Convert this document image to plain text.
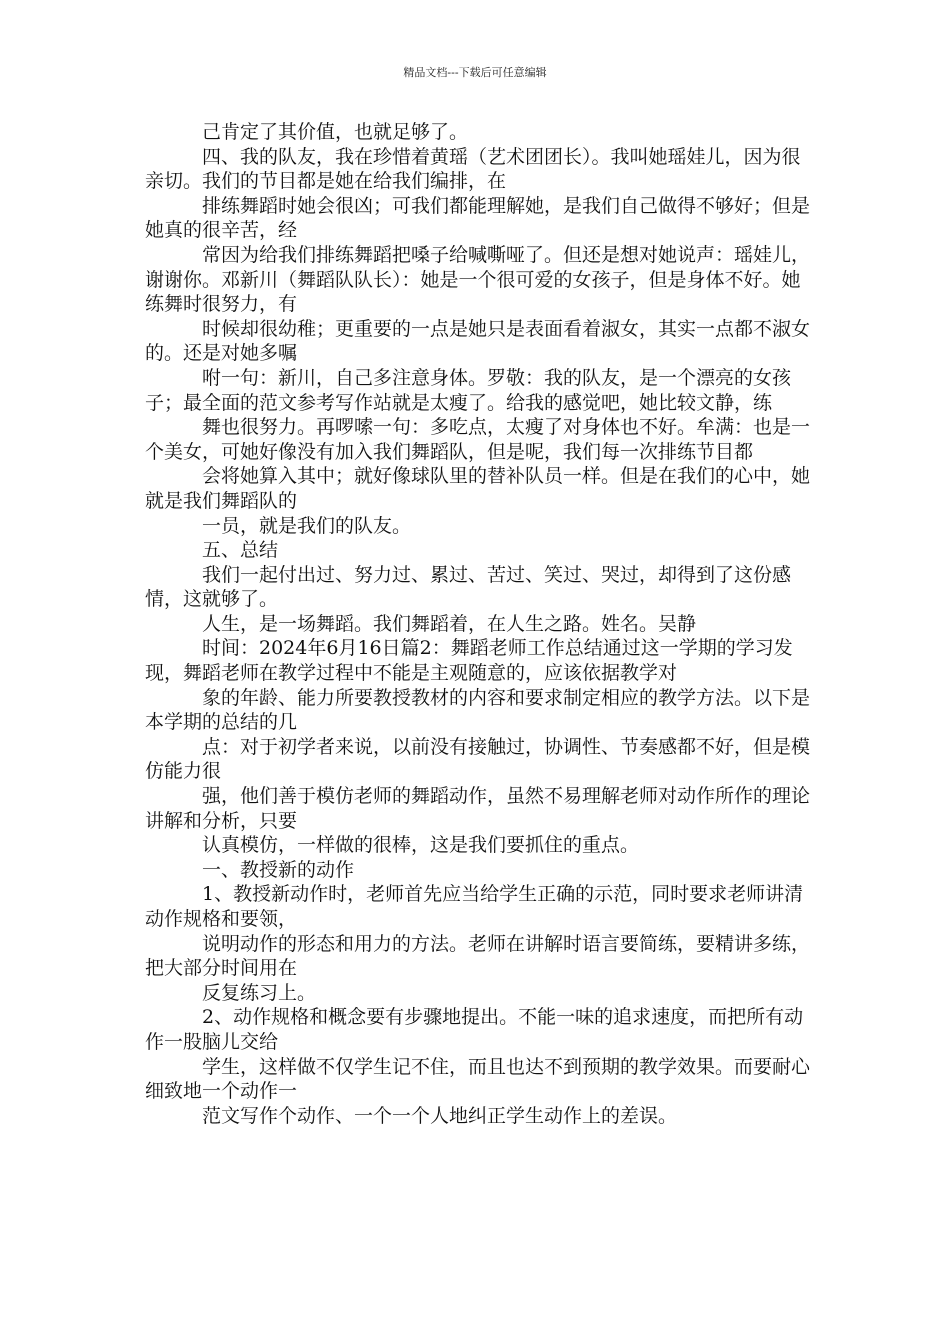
精品文档---下载后可任意编辑

己肯定了其价值，也就足够了。

四、我的队友，我在珍惜着黄瑶（艺术团团长）。我叫她瑶娃儿，因为很亲切。我们的节目都是她在给我们编排，在

排练舞蹈时她会很凶；可我们都能理解她，是我们自己做得不够好；但是她真的很辛苦，经

常因为给我们排练舞蹈把嗓子给喊嘶哑了。但还是想对她说声：瑶娃儿，谢谢你。邓新川（舞蹈队队长）：她是一个很可爱的女孩子，但是身体不好。她练舞时很努力，有

时候却很幼稚；更重要的一点是她只是表面看着淑女，其实一点都不淑女的。还是对她多嘱

咐一句：新川，自己多注意身体。罗敬：我的队友，是一个漂亮的女孩子；最全面的范文参考写作站就是太瘦了。给我的感觉吧，她比较文静，练

舞也很努力。再啰嗦一句：多吃点，太瘦了对身体也不好。牟满：也是一个美女，可她好像没有加入我们舞蹈队，但是呢，我们每一次排练节目都

会将她算入其中；就好像球队里的替补队员一样。但是在我们的心中，她就是我们舞蹈队的

一员，就是我们的队友。

五、总结

我们一起付出过、努力过、累过、苦过、笑过、哭过，却得到了这份感情，这就够了。

人生，是一场舞蹈。我们舞蹈着，在人生之路。姓名。吴静

时间：2024年6月16日篇2：舞蹈老师工作总结通过这一学期的学习发现，舞蹈老师在教学过程中不能是主观随意的，应该依据教学对

象的年龄、能力所要教授教材的内容和要求制定相应的教学方法。以下是本学期的总结的几

点：对于初学者来说，以前没有接触过，协调性、节奏感都不好，但是模仿能力很

强，他们善于模仿老师的舞蹈动作，虽然不易理解老师对动作所作的理论讲解和分析，只要

认真模仿，一样做的很棒，这是我们要抓住的重点。

一、教授新的动作

1、教授新动作时，老师首先应当给学生正确的示范，同时要求老师讲清动作规格和要领，

说明动作的形态和用力的方法。老师在讲解时语言要简练，要精讲多练，把大部分时间用在

反复练习上。

2、动作规格和概念要有步骤地提出。不能一味的追求速度，而把所有动作一股脑儿交给

学生，这样做不仅学生记不住，而且也达不到预期的教学效果。而要耐心细致地一个动作一

范文写作个动作、一个一个人地纠正学生动作上的差误。
